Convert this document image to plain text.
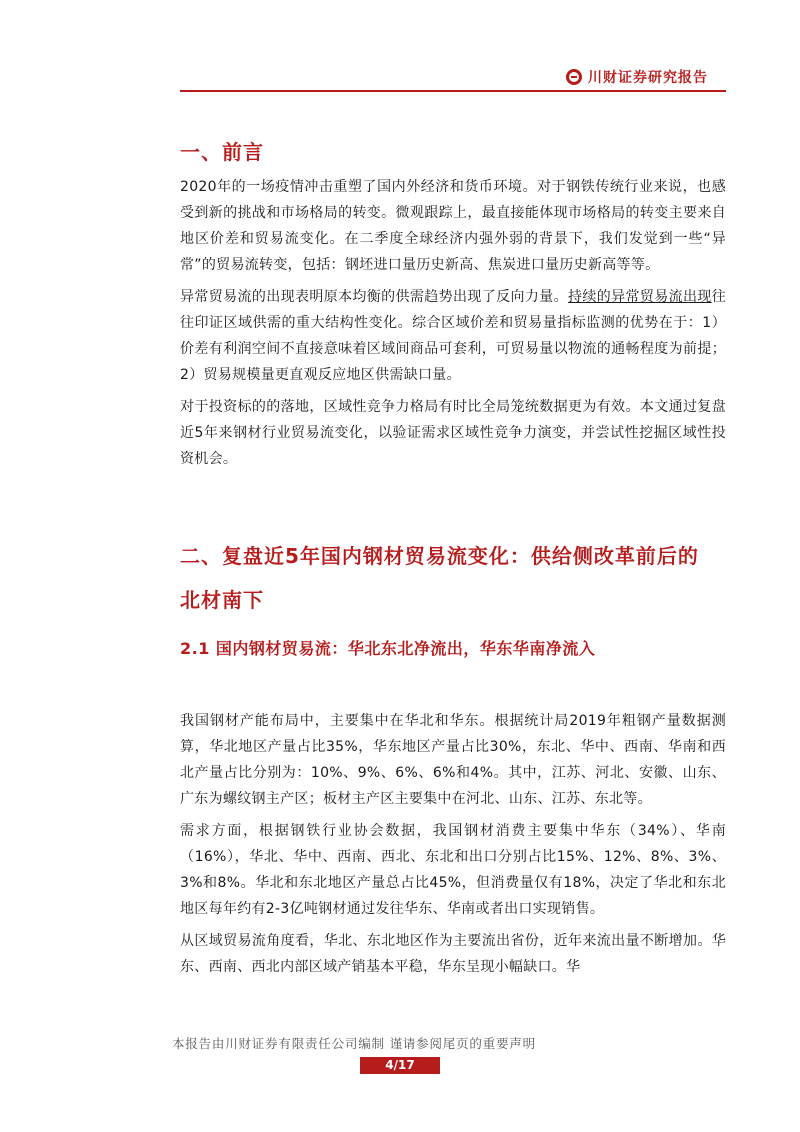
川财证券研究报告
一、前言

2020年的一场疫情冲击重塑了国内外经济和货币环境。对于钢铁传统行业来说，也感受到新的挑战和市场格局的转变。微观跟踪上，最直接能体现市场格局的转变主要来自地区价差和贸易流变化。在二季度全球经济内强外弱的背景下，我们发觉到一些“异常”的贸易流转变，包括：钢坯进口量历史新高、焦炭进口量历史新高等等。

异常贸易流的出现表明原本均衡的供需趋势出现了反向力量。持续的异常贸易流出现往往印证区域供需的重大结构性变化。综合区域价差和贸易量指标监测的优势在于：1）价差有利润空间不直接意味着区域间商品可套利，可贸易量以物流的通畅程度为前提；2）贸易规模量更直观反应地区供需缺口量。

对于投资标的的落地，区域性竞争力格局有时比全局笼统数据更为有效。本文通过复盘近5年来钢材行业贸易流变化，以验证需求区域性竞争力演变，并尝试性挖掘区域性投资机会。

二、复盘近5年国内钢材贸易流变化：供给侧改革前后的
北材南下
2.1 国内钢材贸易流：华北东北净流出，华东华南净流入

我国钢材产能布局中，主要集中在华北和华东。根据统计局2019年粗钢产量数据测算，华北地区产量占比35%，华东地区产量占比30%，东北、华中、西南、华南和西北产量占比分别为：10%、9%、6%、6%和4%。其中，江苏、河北、安徽、山东、广东为螺纹钢主产区；板材主产区主要集中在河北、山东、江苏、东北等。

需求方面，根据钢铁行业协会数据，我国钢材消费主要集中华东（34%）、华南（16%），华北、华中、西南、西北、东北和出口分别占比15%、12%、8%、3%、3%和8%。华北和东北地区产量总占比45%，但消费量仅有18%，决定了华北和东北地区每年约有2-3亿吨钢材通过发往华东、华南或者出口实现销售。

从区域贸易流角度看，华北、东北地区作为主要流出省份，近年来流出量不断增加。华东、西南、西北内部区域产销基本平稳，华东呈现小幅缺口。华

本报告由川财证券有限责任公司编制 谨请参阅尾页的重要声明
4/17
